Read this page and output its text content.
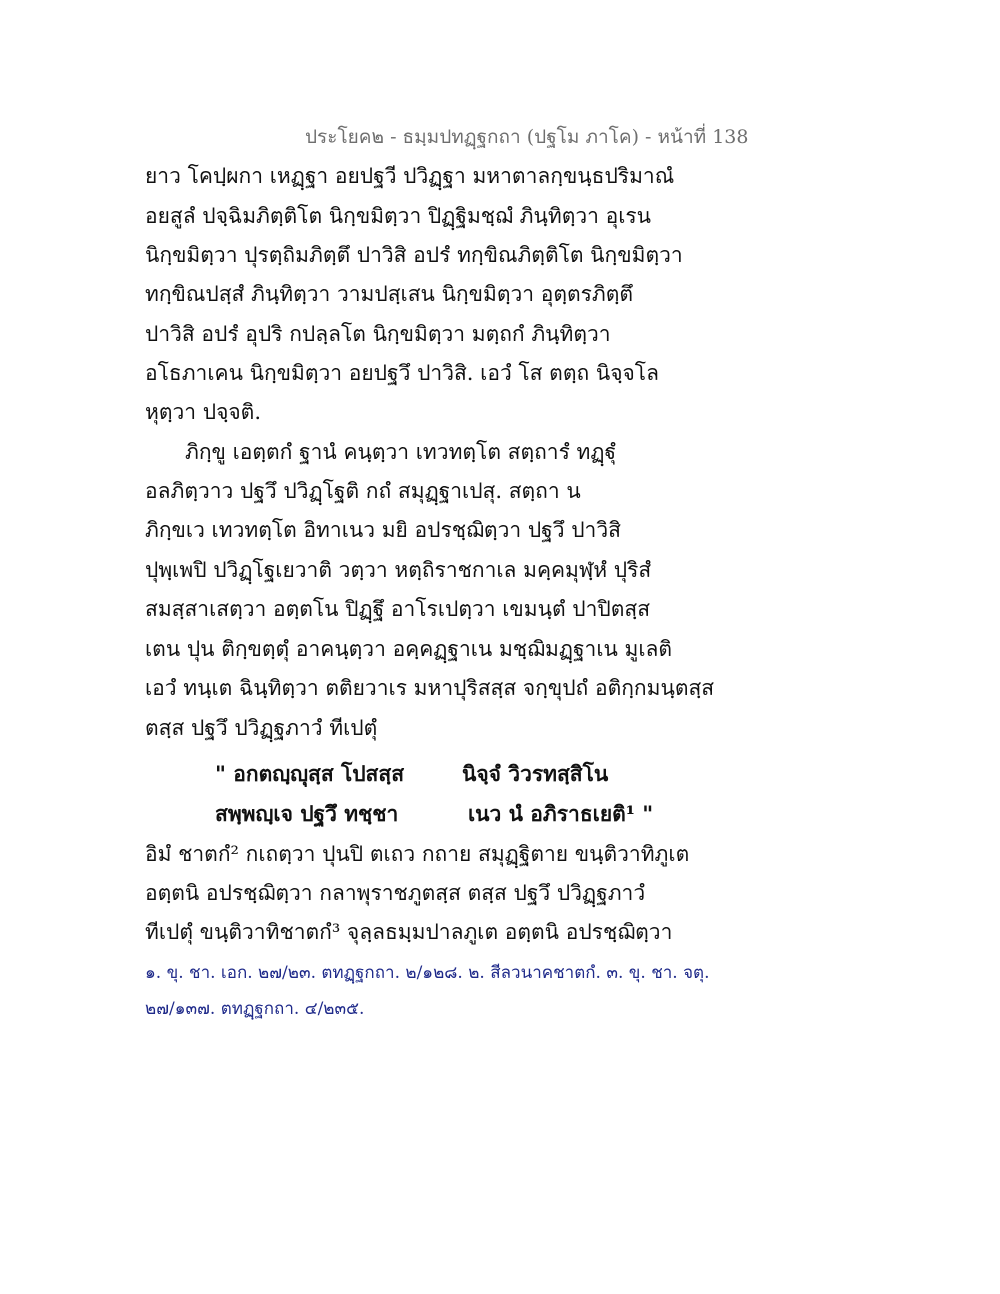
ประโยค๒ - ธมฺมปทฏฺฐกถา (ปฐโม ภาโค) - หน้าที่ 138
ยาว โคปฺผกา เหฏฺฐา อยปฐวี ปวิฏฺฐา มหาตาลกฺขนฺธปริมาณํ
อยสูลํ ปจฺฉิมภิตฺติโต นิกฺขมิตฺวา ปิฏฺฐิมชฺฌํ ภินฺทิตฺวา อุเรน
นิกฺขมิตฺวา ปุรตฺถิมภิตฺตึ ปาวิสิ อปรํ ทกฺขิณภิตฺติโต นิกฺขมิตฺวา
ทกฺขิณปสฺสํ ภินฺทิตฺวา วามปสฺเสน นิกฺขมิตฺวา อุตฺตรภิตฺตึ
ปาวิสิ อปรํ อุปริ กปลฺลโต นิกฺขมิตฺวา มตฺถกํ ภินฺทิตฺวา
อโธภาเคน นิกฺขมิตฺวา อยปฐวึ ปาวิสิ. เอวํ โส ตตฺถ นิจฺจโล
หุตฺวา ปจฺจติ.
ภิกฺขู เอตฺตกํ ฐานํ คนฺตฺวา เทวทตฺโต สตฺถารํ ทฏฺฐุํ
อลภิตฺวาว ปฐวึ ปวิฏฺโฐติ กถํ สมุฏฺฐาเปสุ. สตฺถา น
ภิกฺขเว เทวทตฺโต อิทาเนว มยิ อปรชฺฌิตฺวา ปฐวึ ปาวิสิ
ปุพฺเพปิ ปวิฏฺโฐเยวาติ วตฺวา หตฺถิราชกาเล มคฺคมุฬฺหํ ปุริสํ
สมสฺสาเสตฺวา อตฺตโน ปิฏฺฐึ อาโรเปตฺวา เขมนฺตํ ปาปิตสฺส
เตน ปุน ติกฺขตฺตุํ อาคนฺตฺวา อคฺคฏฺฐาเน มชฺฌิมฏฺฐาเน มูเลติ
เอวํ ทนฺเต ฉินฺทิตฺวา ตติยวาเร มหาปุริสสฺส จกฺขุปถํ อติกฺกมนฺตสฺส
ตสฺส ปฐวึ ปวิฏฺฐภาวํ ทีเปตุํ
" อกตญฺญุสฺส โปสสฺส	นิจฺจํ วิวรทสฺสิโน
สพฺพญฺเจ ปฐวึ ทชฺชา	เนว นํ อภิราธเยติ¹ "
อิมํ ชาตกํ² กเถตฺวา ปุนปิ ตเถว กถาย สมุฏฺฐิตาย ขนฺติวาทิภูเต
อตฺตนิ อปรชฺฌิตฺวา กลาพุราชภูตสฺส ตสฺส ปฐวึ ปวิฏฺฐภาวํ
ทีเปตุํ ขนฺติวาทิชาตกํ³ จุลฺลธมฺมปาลภูเต อตฺตนิ อปรชฺฌิตฺวา
๑. ขุ. ชา. เอก. ๒๗/๒๓. ตทฏฺฐกถา. ๒/๑๒๘. ๒. สีลวนาคชาตกํ. ๓. ขุ. ชา. จตุ.
๒๗/๑๓๗. ตทฏฺฐกถา. ๔/๒๓๕.
